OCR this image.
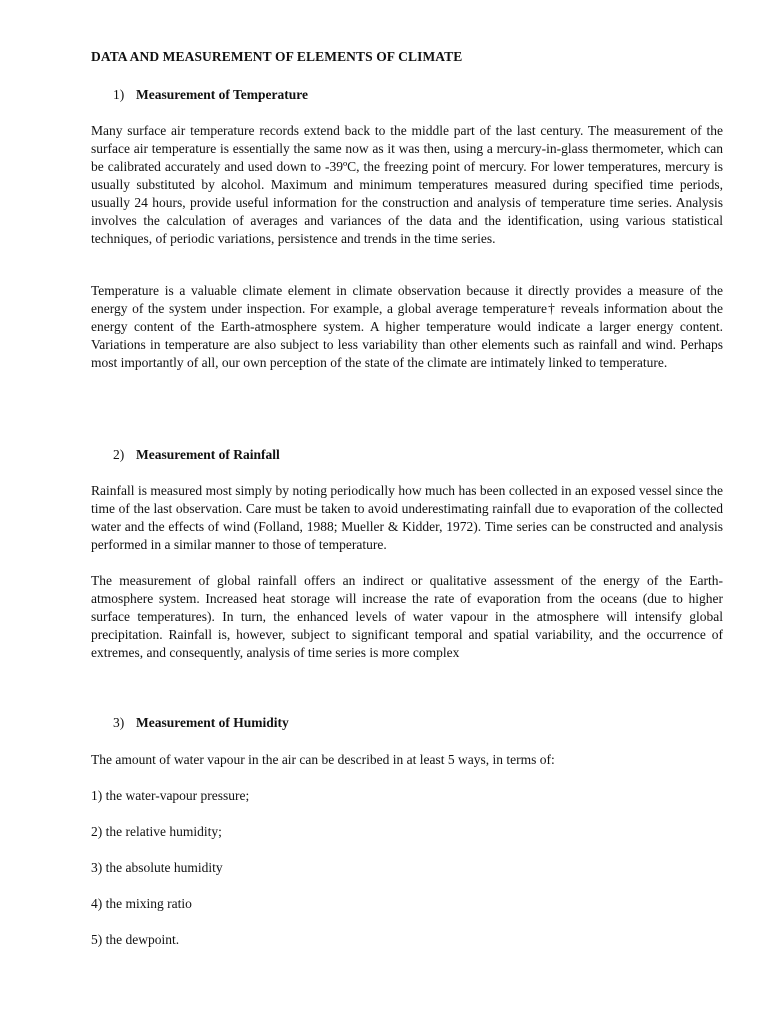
DATA AND MEASUREMENT OF ELEMENTS OF CLIMATE
1) Measurement of Temperature

Many surface air temperature records extend back to the middle part of the last century. The measurement of the surface air temperature is essentially the same now as it was then, using a mercury-in-glass thermometer, which can be calibrated accurately and used down to -39ºC, the freezing point of mercury. For lower temperatures, mercury is usually substituted by alcohol. Maximum and minimum temperatures measured during specified time periods, usually 24 hours, provide useful information for the construction and analysis of temperature time series. Analysis involves the calculation of averages and variances of the data and the identification, using various statistical techniques, of periodic variations, persistence and trends in the time series.

Temperature is a valuable climate element in climate observation because it directly provides a measure of the energy of the system under inspection. For example, a global average temperature† reveals information about the energy content of the Earth-atmosphere system. A higher temperature would indicate a larger energy content. Variations in temperature are also subject to less variability than other elements such as rainfall and wind. Perhaps most importantly of all, our own perception of the state of the climate are intimately linked to temperature.

2) Measurement of Rainfall

Rainfall is measured most simply by noting periodically how much has been collected in an exposed vessel since the time of the last observation. Care must be taken to avoid underestimating rainfall due to evaporation of the collected water and the effects of wind (Folland, 1988; Mueller & Kidder, 1972). Time series can be constructed and analysis performed in a similar manner to those of temperature.

The measurement of global rainfall offers an indirect or qualitative assessment of the energy of the Earth-atmosphere system. Increased heat storage will increase the rate of evaporation from the oceans (due to higher surface temperatures). In turn, the enhanced levels of water vapour in the atmosphere will intensify global precipitation. Rainfall is, however, subject to significant temporal and spatial variability, and the occurrence of extremes, and consequently, analysis of time series is more complex

3) Measurement of Humidity

The amount of water vapour in the air can be described in at least 5 ways, in terms of:

1) the water-vapour pressure;
2) the relative humidity;
3) the absolute humidity
4) the mixing ratio
5) the dewpoint.
